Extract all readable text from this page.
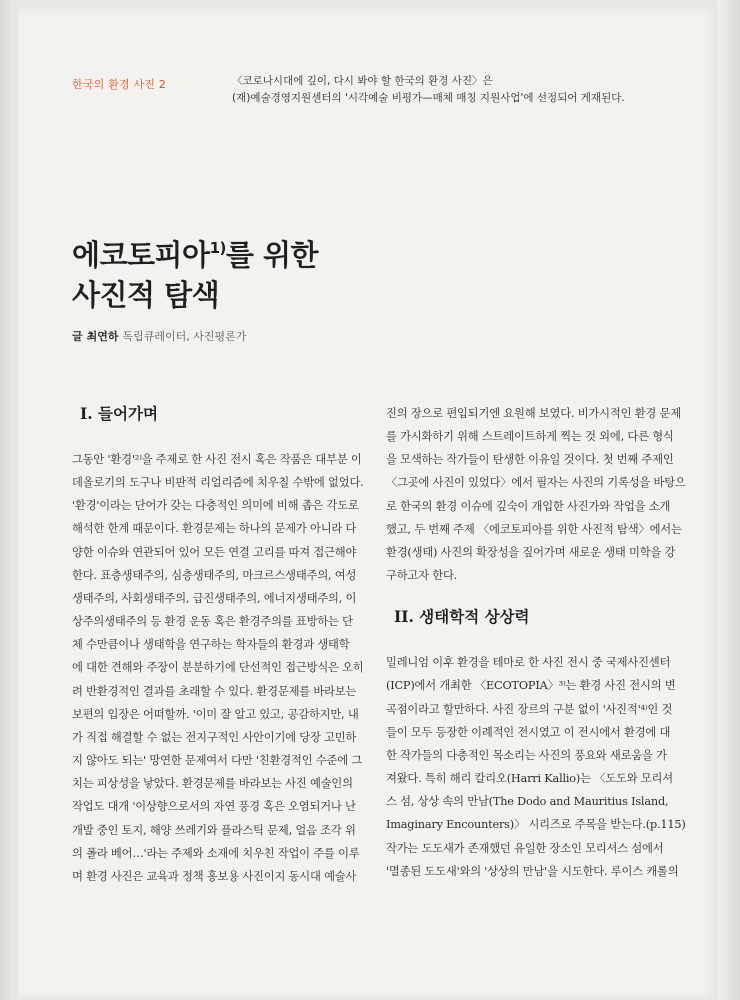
한국의 환경 사진 2	〈코로나시대에 깊이, 다시 봐야 할 한국의 환경 사진〉은
(재)예술경영지원센터의 '시각예술 비평가—매체 매칭 지원사업'에 선정되어 게재된다.
에코토피아$^{1)}$를 위한
사진적 탐색
글 최연하 독립큐레이터, 사진평론가
I. 들어가며
그동안 '환경'²⁾을 주제로 한 사진 전시 혹은 작품은 대부분 이
데올로기의 도구나 비판적 리얼리즘에 치우칠 수밖에 없었다.
'환경'이라는 단어가 갖는 다층적인 의미에 비해 좁은 각도로
해석한 한계 때문이다. 환경문제는 하나의 문제가 아니라 다
양한 이슈와 연관되어 있어 모든 연결 고리를 따져 접근해야
한다. 표층생태주의, 심층생태주의, 마크르스생태주의, 여성
생태주의, 사회생태주의, 급진생태주의, 에너지생태주의, 이
상주의생태주의 등 환경 운동 혹은 환경주의를 표방하는 단
체 수만큼이나 생태학을 연구하는 학자들의 환경과 생태학
에 대한 견해와 주장이 분분하기에 단선적인 접근방식은 오히
려 반환경적인 결과를 초래할 수 있다. 환경문제를 바라보는
보편의 입장은 어떠할까. '이미 잘 알고 있고, 공감하지만, 내
가 직접 해결할 수 없는 전지구적인 사안이기에 당장 고민하
지 않아도 되는' 망연한 문제여서 다만 '친환경적인 수준에 그
치는 피상성을 낳았다. 환경문제를 바라보는 사진 예술인의
작업도 대개 '이상향으로서의 자연 풍경 혹은 오염되거나 난
개발 중인 토지, 해양 쓰레기와 플라스틱 문제, 얼음 조각 위
의 폴라 베어…'라는 주제와 소재에 치우친 작업이 주를 이루
며 환경 사진은 교육과 정책 홍보용 사진이지 동시대 예술사
진의 장으로 편입되기엔 요원해 보였다. 비가시적인 환경 문제
를 가시화하기 위해 스트레이트하게 찍는 것 외에, 다른 형식
을 모색하는 작가들이 탄생한 이유일 것이다. 첫 번째 주제인
〈그곳에 사진이 있었다〉에서 필자는 사진의 기록성을 바탕으
로 한국의 환경 이슈에 깊숙이 개입한 사진가와 작업을 소개
했고, 두 번째 주제 〈에코토피아를 위한 사진적 탐색〉에서는
환경(생태) 사진의 확장성을 짚어가며 새로운 생태 미학을 강
구하고자 한다.
II. 생태학적 상상력
밀레니엄 이후 환경을 테마로 한 사진 전시 중 국제사진센터
(ICP)에서 개최한 〈ECOTOPIA〉³⁾는 환경 사진 전시의 변
곡점이라고 할만하다. 사진 장르의 구분 없이 '사진적'⁴⁾인 것
들이 모두 등장한 이례적인 전시였고 이 전시에서 환경에 대
한 작가들의 다층적인 목소리는 사진의 풍요와 새로움을 가
져왔다. 특히 해리 칼리오(Harri Kallio)는 〈도도와 모리셔
스 섬, 상상 속의 만남(The Dodo and Mauritius Island,
Imaginary Encounters)〉 시리즈로 주목을 받는다.(p.115)
작가는 도도새가 존재했던 유일한 장소인 모리셔스 섬에서
'멸종된 도도새'와의 '상상의 만남'을 시도한다. 루이스 캐롤의
